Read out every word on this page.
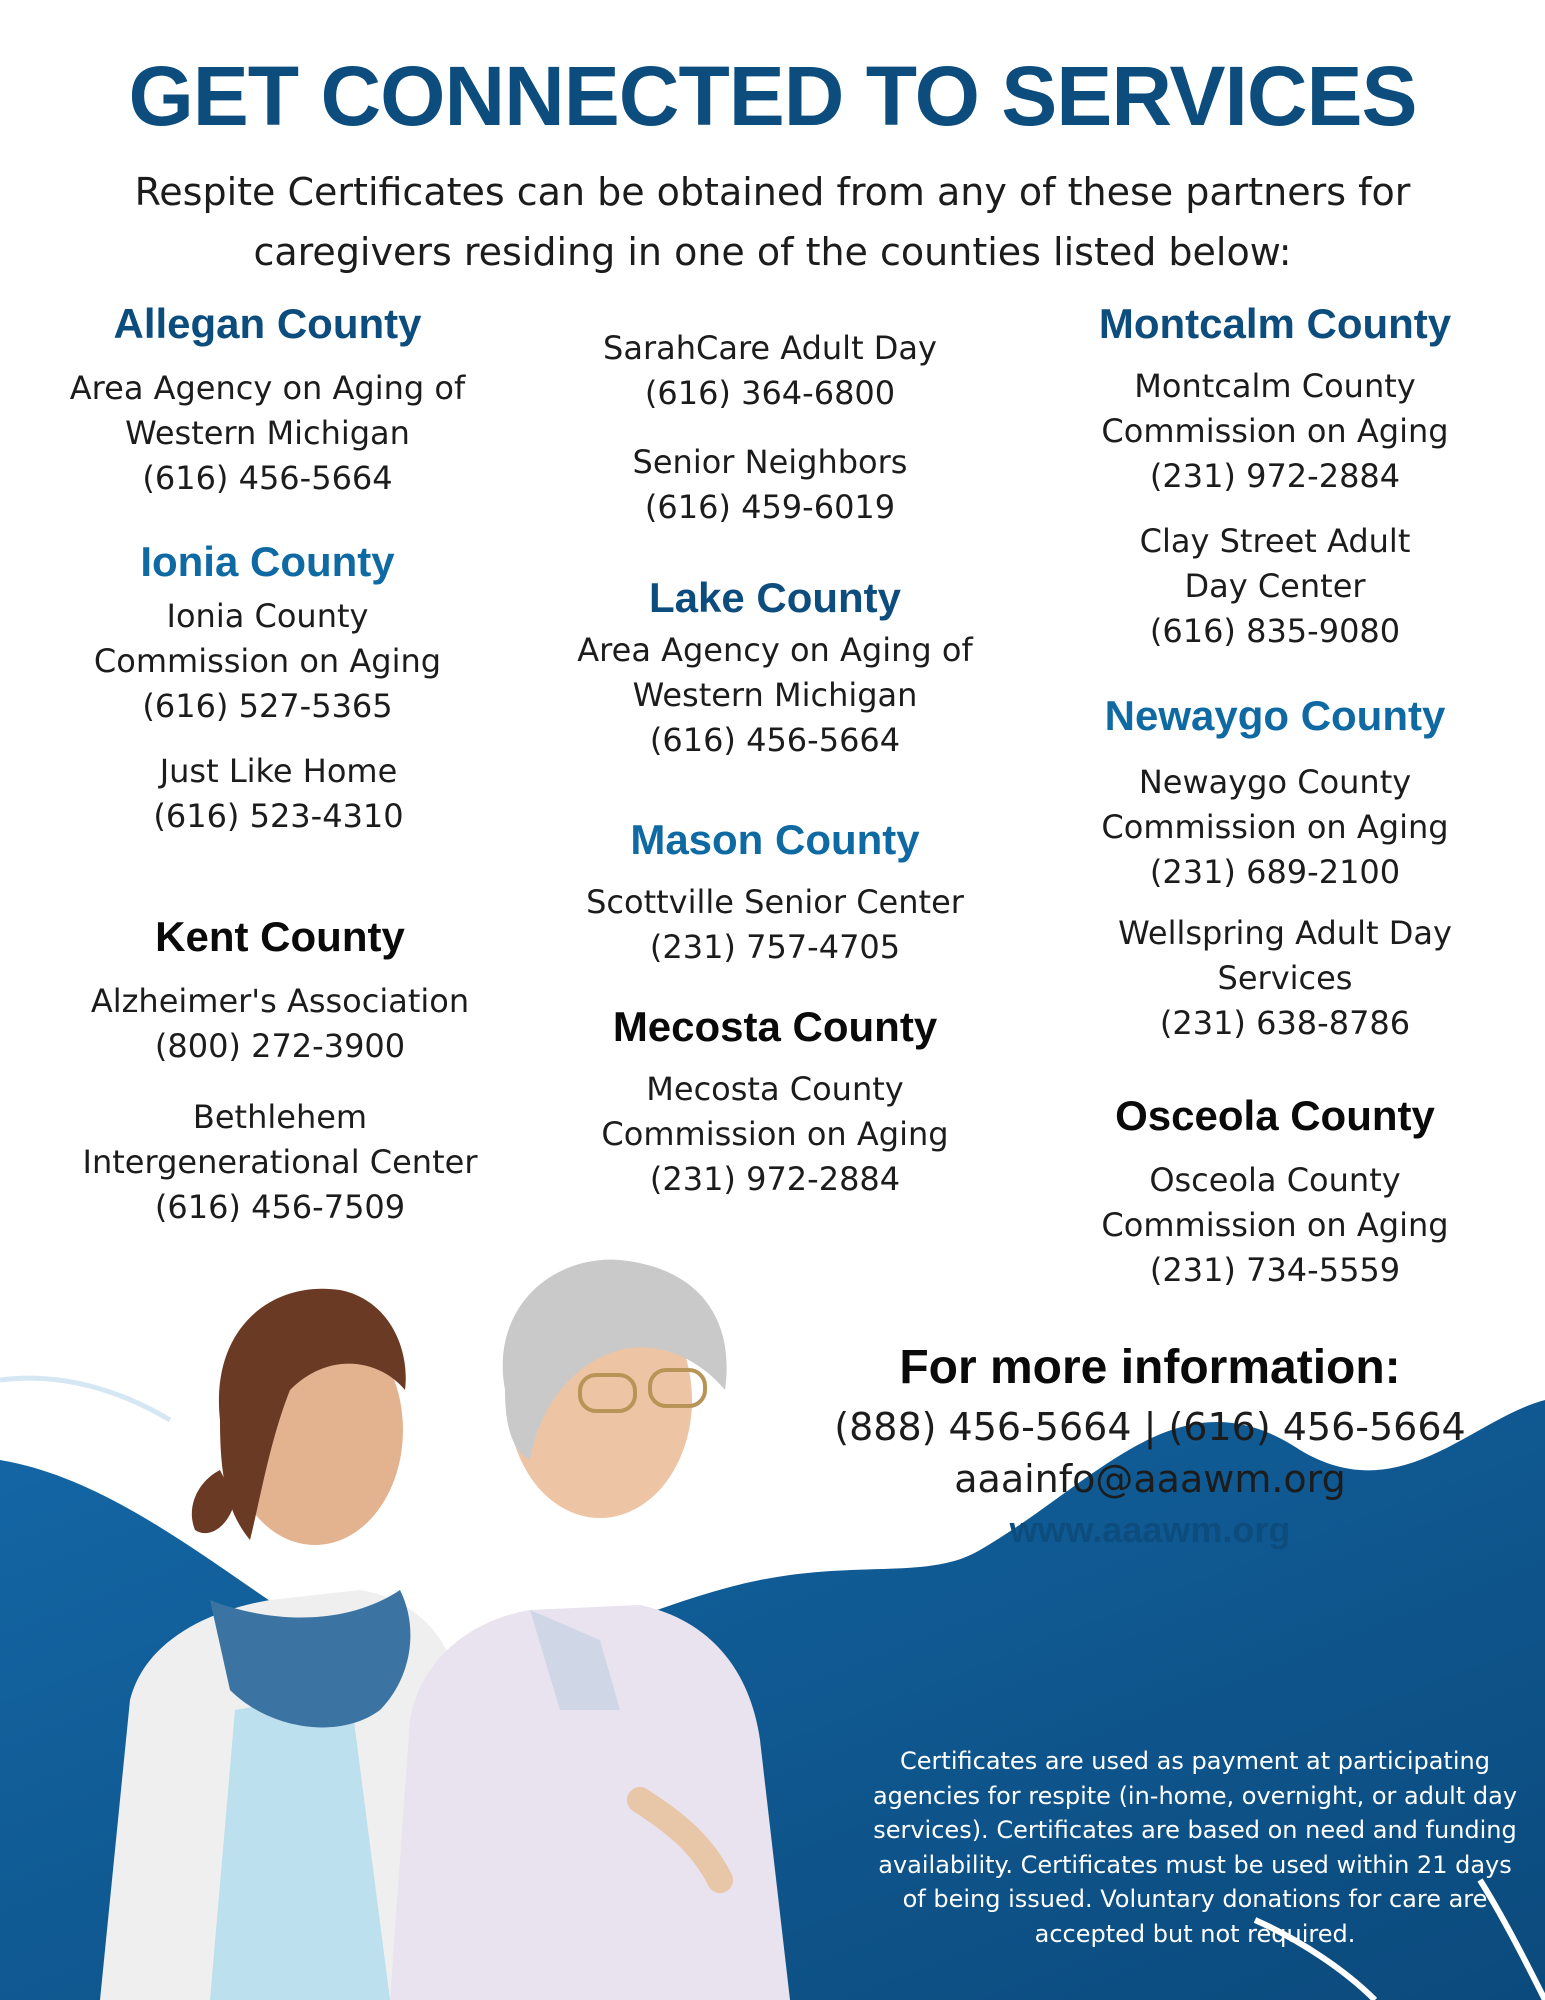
GET CONNECTED TO SERVICES
Respite Certificates can be obtained from any of these partners for
caregivers residing in one of the counties listed below:
Allegan County
Area Agency on Aging of
Western Michigan
(616) 456-5664
Ionia County
Ionia County
Commission on Aging
(616) 527-5365
Just Like Home
(616) 523-4310
Kent County
Alzheimer's Association
(800) 272-3900
Bethlehem
Intergenerational Center
(616) 456-7509
SarahCare Adult Day
(616) 364-6800
Senior Neighbors
(616) 459-6019
Lake County
Area Agency on Aging of
Western Michigan
(616) 456-5664
Mason County
Scottville Senior Center
(231) 757-4705
Mecosta County
Mecosta County
Commission on Aging
(231) 972-2884
Montcalm County
Montcalm County
Commission on Aging
(231) 972-2884
Clay Street Adult
Day Center
(616) 835-9080
Newaygo County
Newaygo County
Commission on Aging
(231) 689-2100
Wellspring Adult Day
Services
(231) 638-8786
Osceola County
Osceola County
Commission on Aging
(231) 734-5559
For more information:
(888) 456-5664 | (616) 456-5664
aaainfo@aaawm.org
www.aaawm.org
Certificates are used as payment at participating
agencies for respite (in-home, overnight, or adult day
services). Certificates are based on need and funding
availability. Certificates must be used within 21 days
of being issued. Voluntary donations for care are
accepted but not required.
